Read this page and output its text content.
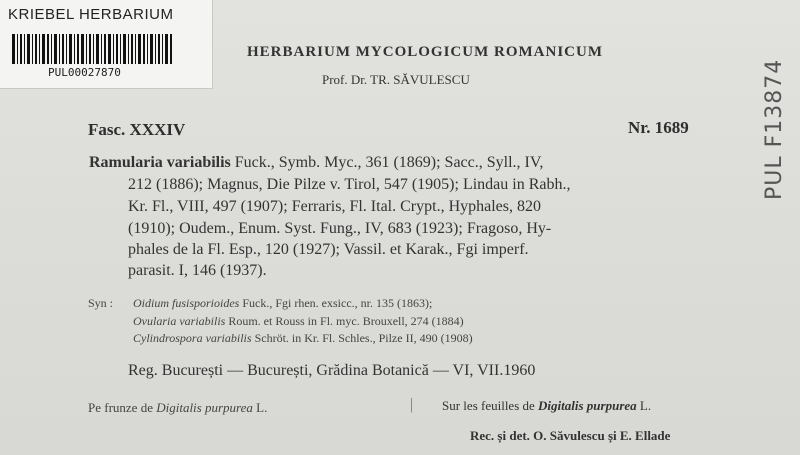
KRIEBEL HERBARIUM
PUL00027870
HERBARIUM MYCOLOGICUM ROMANICUM
Prof. Dr. TR. SĂVULESCU
Fasc. XXXIV	Nr. 1689
Ramularia variabilis Fuck., Symb. Myc., 361 (1869); Sacc., Syll., IV,
212 (1886); Magnus, Die Pilze v. Tirol, 547 (1905); Lindau in Rabh.,
Kr. Fl., VIII, 497 (1907); Ferraris, Fl. Ital. Crypt., Hyphales, 820
(1910); Oudem., Enum. Syst. Fung., IV, 683 (1923); Fragoso, Hy-
phales de la Fl. Esp., 120 (1927); Vassil. et Karak., Fgi imperf.
parasit. I, 146 (1937).
Syn : Oidium fusisporioides Fuck., Fgi rhen. exsicc., nr. 135 (1863);
Ovularia variabilis Roum. et Rouss in Fl. myc. Brouxell, 274 (1884)
Cylindrospora variabilis Schröt. in Kr. Fl. Schles., Pilze II, 490 (1908)
Reg. București — București, Grădina Botanică — VI, VII.1960
Pe frunze de Digitalis purpurea L.	| Sur les feuilles de Digitalis purpurea L.
Rec. și det. O. Săvulescu și E. Ellade
PUL F13874
